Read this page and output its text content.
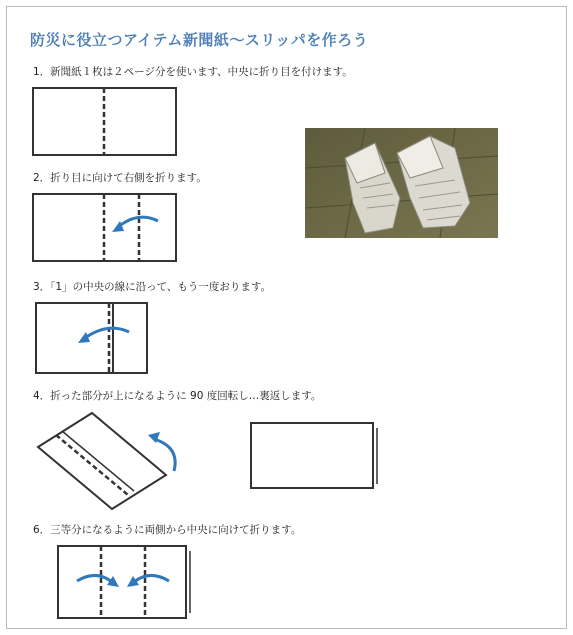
防災に役立つアイテム新聞紙～スリッパを作ろう
1．新聞紙１枚は２ページ分を使います、中央に折り目を付けます。
2．折り目に向けて右側を折ります。
3．「1」の中央の線に沿って、もう一度おります。
4．折った部分が上になるように 90 度回転し…裏返します。
6．三等分になるように両側から中央に向けて折ります。
